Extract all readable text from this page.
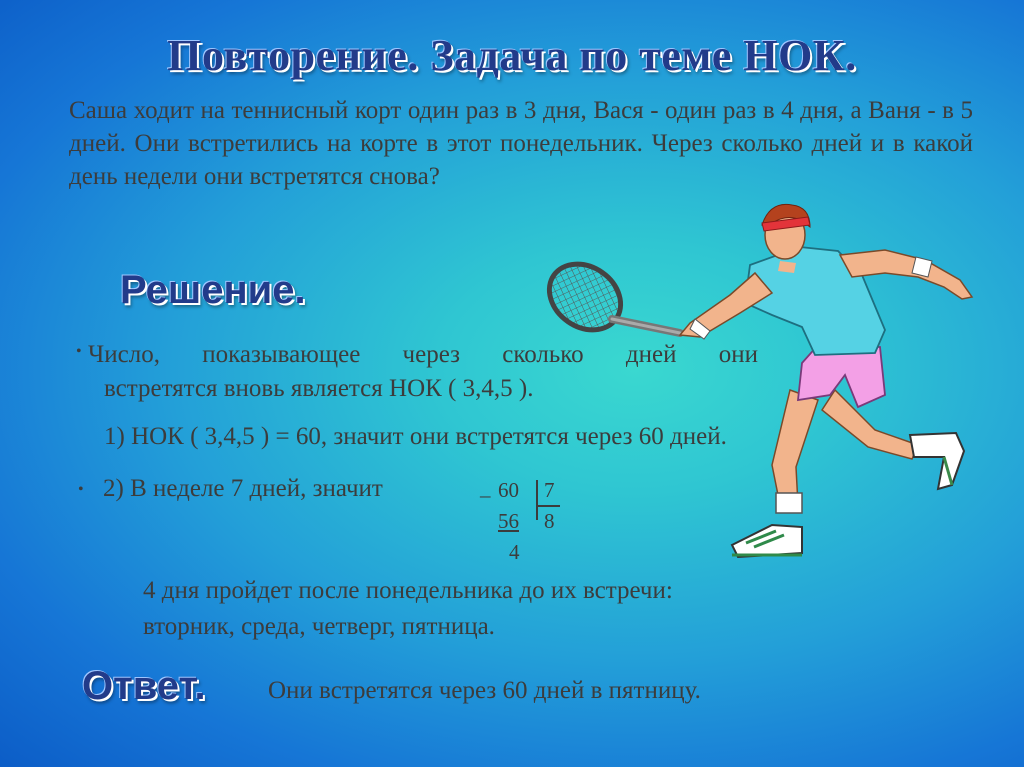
Повторение. Задача по теме НОК.
Саша ходит на теннисный корт один раз в 3 дня, Вася - один раз в 4 дня, а Ваня - в 5 дней. Они встретились на корте в этот понедельник. Через сколько дней и в какой день недели они встретятся снова?
Решение.
• Число, показывающее через сколько дней они
встретятся вновь является НОК ( 3,4,5 ).
1) НОК ( 3,4,5 ) = 60, значит они встретятся через 60 дней.
• 2) В неделе 7 дней, значит	_ 60 7
56 8
4
4 дня пройдет после понедельника до их встречи:
вторник, среда, четверг, пятница.
Ответ. Они встретятся через 60 дней в пятницу.
